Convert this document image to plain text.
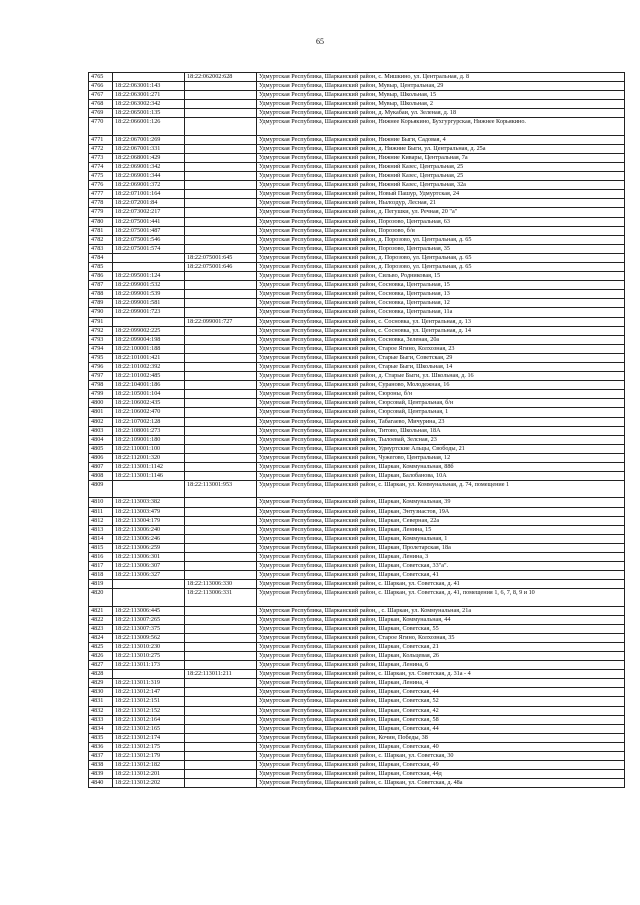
65
4765		18:22:062002:628	Удмуртская Республика, Шарканский район, с. Мишкино, ул. Центральная, д. 8
4766	18:22:063001:143		Удмуртская Республика, Шарканский район, Мувыр, Центральная, 29
4767	18:22:063001:271		Удмуртская Республика, Шарканский район, Мувыр, Школьная, 15
4768	18:22:063002:342		Удмуртская Республика, Шарканский район, Мувыр, Школьная, 2
4769	18:22:065001:135		Удмуртская Республика, Шарканский район, д. Мукабаи, ул. Зеленая, д. 18
4770	18:22:066001:126		Удмуртская Республика, Шарканский район, Нижнее Корьякино, Бухгургурская, Нижнее Корьякино.
4771	18:22:067001:269		Удмуртская Республика, Шарканский район, Нижние Быги, Садовая, 4
4772	18:22:067001:331		Удмуртская Республика, Шарканский район, д. Нижние Быги, ул. Центральная, д. 25а
4773	18:22:068001:429		Удмуртская Республика, Шарканский район, Нижние Кивары, Центральная, 7а
4774	18:22:069001:342		Удмуртская Республика, Шарканский район, Нижний Казес, Центральная, 25
4775	18:22:069001:344		Удмуртская Республика, Шарканский район, Нижний Казес, Центральная, 25
4776	18:22:069001:372		Удмуртская Республика, Шарканский район, Нижний Казес, Центральная, 32а
4777	18:22:071001:164		Удмуртская Республика, Шарканский район, Новый Пашур, Удмуртская, 24
4778	18:22:072001:84		Удмуртская Республика, Шарканский район, Нылоздур, Лесная, 21
4779	18:22:073002:217		Удмуртская Республика, Шарканский район, д. Пегушки, ул. Речная, 20 "а"
4780	18:22:075001:441		Удмуртская Республика, Шарканский район, Порозово, Центральная, 63
4781	18:22:075001:487		Удмуртская Республика, Шарканский район, Порозово, б/н
4782	18:22:075001:546		Удмуртская Республика, Шарканский район, д. Порозово, ул. Центральная, д. 65
4783	18:22:075001:574		Удмуртская Республика, Шарканский район, Порозово, Центральная, 35
4784		18:22:075001:645	Удмуртская Республика, Шарканский район, д. Порозово, ул. Центральная, д. 65
4785		18:22:075001:646	Удмуртская Республика, Шарканский район, д. Порозово, ул. Центральная, д. 65
4786	18:22:095001:124		Удмуртская Республика, Шарканский район, Сильво, Родниковая, 15
4787	18:22:099001:532		Удмуртская Республика, Шарканский район, Сосновка, Центральная, 15
4788	18:22:099001:539		Удмуртская Республика, Шарканский район, Сосновка, Центральная, 13
4789	18:22:099001:581		Удмуртская Республика, Шарканский район, Сосновка, Центральная, 12
4790	18:22:099001:723		Удмуртская Республика, Шарканский район, Сосновка, Центральная, 11а
4791		18:22:099001:727	Удмуртская Республика, Шарканский район, с. Сосновка, ул. Центральная, д. 13
4792	18:22:099002:225		Удмуртская Республика, Шарканский район, с. Сосновка, ул. Центральная, д. 14
4793	18:22:099004:198		Удмуртская Республика, Шарканский район, Сосновка, Зеленая, 20а
4794	18:22:100001:188		Удмуртская Республика, Шарканский район, Старое Ягино, Колхозная, 23
4795	18:22:101001:421		Удмуртская Республика, Шарканский район, Старые Быги, Советская, 29
4796	18:22:101002:392		Удмуртская Республика, Шарканский район, Старые Быги, Школьная, 14
4797	18:22:101002:485		Удмуртская Республика, Шарканский район, д. Старые Быги, ул. Школьная, д. 16
4798	18:22:104001:186		Удмуртская Республика, Шарканский район, Сураново, Молодежная, 16
4799	18:22:105001:104		Удмуртская Республика, Шарканский район, Сюроны, б/н
4800	18:22:106002:435		Удмуртская Республика, Шарканский район, Сюрсовай, Центральная, б/н
4801	18:22:106002:470		Удмуртская Республика, Шарканский район, Сюрсовай, Центральная, 1
4802	18:22:107002:128		Удмуртская Республика, Шарканский район, Табагаево, Мичурина, 23
4803	18:22:108001:273		Удмуртская Республика, Шарканский район, Титово, Школьная, 18А
4804	18:22:109001:180		Удмуртская Республика, Шарканский район, Тылоевай, Зелсная, 23
4805	18:22:110001:100		Удмуртская Республика, Шарканский район, Удмуртские Альцы, Свободы, 21
4806	18:22:112001:320		Удмуртская Республика, Шарканский район, Чужегово, Центральная, 12
4807	18:22:113001:1142		Удмуртская Республика, Шарканский район, Шаркан, Коммунальная, 88б
4808	18:22:113001:1146		Удмуртская Республика, Шарканский район, Шаркан, Балобанова, 10А
4809		18:22:113001:953	Удмуртская Республика, Шарканский район, с. Шаркан, ул. Коммунальная, д. 74, помещение 1
4810	18:22:113003:382		Удмуртская Республика, Шарканский район, Шаркан, Коммунальная, 39
4811	18:22:113003:479		Удмуртская Республика, Шарканский район, Шаркан, Энтузиастов, 19А
4812	18:22:113004:179		Удмуртская Республика, Шарканский район, Шаркан, Северная, 22а
4813	18:22:113006:240		Удмуртская Республика, Шарканский район, Шаркан, Ленина, 15
4814	18:22:113006:246		Удмуртская Республика, Шарканский район, Шаркан, Коммунальная, 1
4815	18:22:113006:259		Удмуртская Республика, Шарканский район, Шаркан, Пролетарская, 18а
4816	18:22:113006:301		Удмуртская Республика, Шарканский район, Шаркан, Ленина, 3
4817	18:22:113006:307		Удмуртская Республика, Шарканский район, Шаркан, Советская, 33"а".
4818	18:22:113006:327		Удмуртская Республика, Шарканский район, Шаркан, Советская, 41
4819		18:22:113006:330	Удмуртская Республика, Шарканский район, с. Шаркан, ул. Советская, д. 41
4820		18:22:113006:331	Удмуртская Республика, Шарканский район, с. Шаркан, ул. Советская, д. 41, помещения 1, 6, 7, 8, 9 и 10
4821	18:22:113006:445		Удмуртская Республика, Шарканский район, , с. Шаркан, ул. Коммунальная, 21а
4822	18:22:113007:265		Удмуртская Республика, Шарканский район, Шаркан, Коммунальная, 44
4823	18:22:113007:375		Удмуртская Республика, Шарканский район, Шаркан, Советская, 55
4824	18:22:113009:562		Удмуртская Республика, Шарканский район, Старое Ягино, Колхозная, 35
4825	18:22:113010:230		Удмуртская Республика, Шарканский район, Шаркан, Советская, 21
4826	18:22:113010:275		Удмуртская Республика, Шарканский район, Шаркан, Кольцевая, 26
4827	18:22:113011:173		Удмуртская Республика, Шарканский район, Шаркан, Ленина, 6
4828		18:22:113011:211	Удмуртская Республика, Шарканский район, с. Шаркан, ул. Советская, д. 31а - 4
4829	18:22:113011:319		Удмуртская Республика, Шарканский район, Шаркан, Ленина, 4
4830	18:22:113012:147		Удмуртская Республика, Шарканский район, Шаркан, Советская, 44
4831	18:22:113012:151		Удмуртская Республика, Шарканский район, Шаркан, Советская, 52
4832	18:22:113012:152		Удмуртская Республика, Шарканский район, Шаркан, Советская, 42
4833	18:22:113012:164		Удмуртская Республика, Шарканский район, Шаркан, Советская, 58
4834	18:22:113012:165		Удмуртская Республика, Шарканский район, Шаркан, Советская, 44
4835	18:22:113012:174		Удмуртская Республика, Шарканский район, Кочин, Победы, 38
4836	18:22:113012:175		Удмуртская Республика, Шарканский район, Шаркан, Советская, 40
4837	18:22:113012:179		Удмуртская Республика, Шарканский район, с. Шаркан, ул. Советская, 30
4838	18:22:113012:182		Удмуртская Республика, Шарканский район, Шаркан, Советская, 49
4839	18:22:113012:201		Удмуртская Республика, Шарканский район, Шаркан, Советская, 44д
4840	18:22:113012:202		Удмуртская Республика, Шарканский район, с. Шаркан, ул. Советская, д. 48а
